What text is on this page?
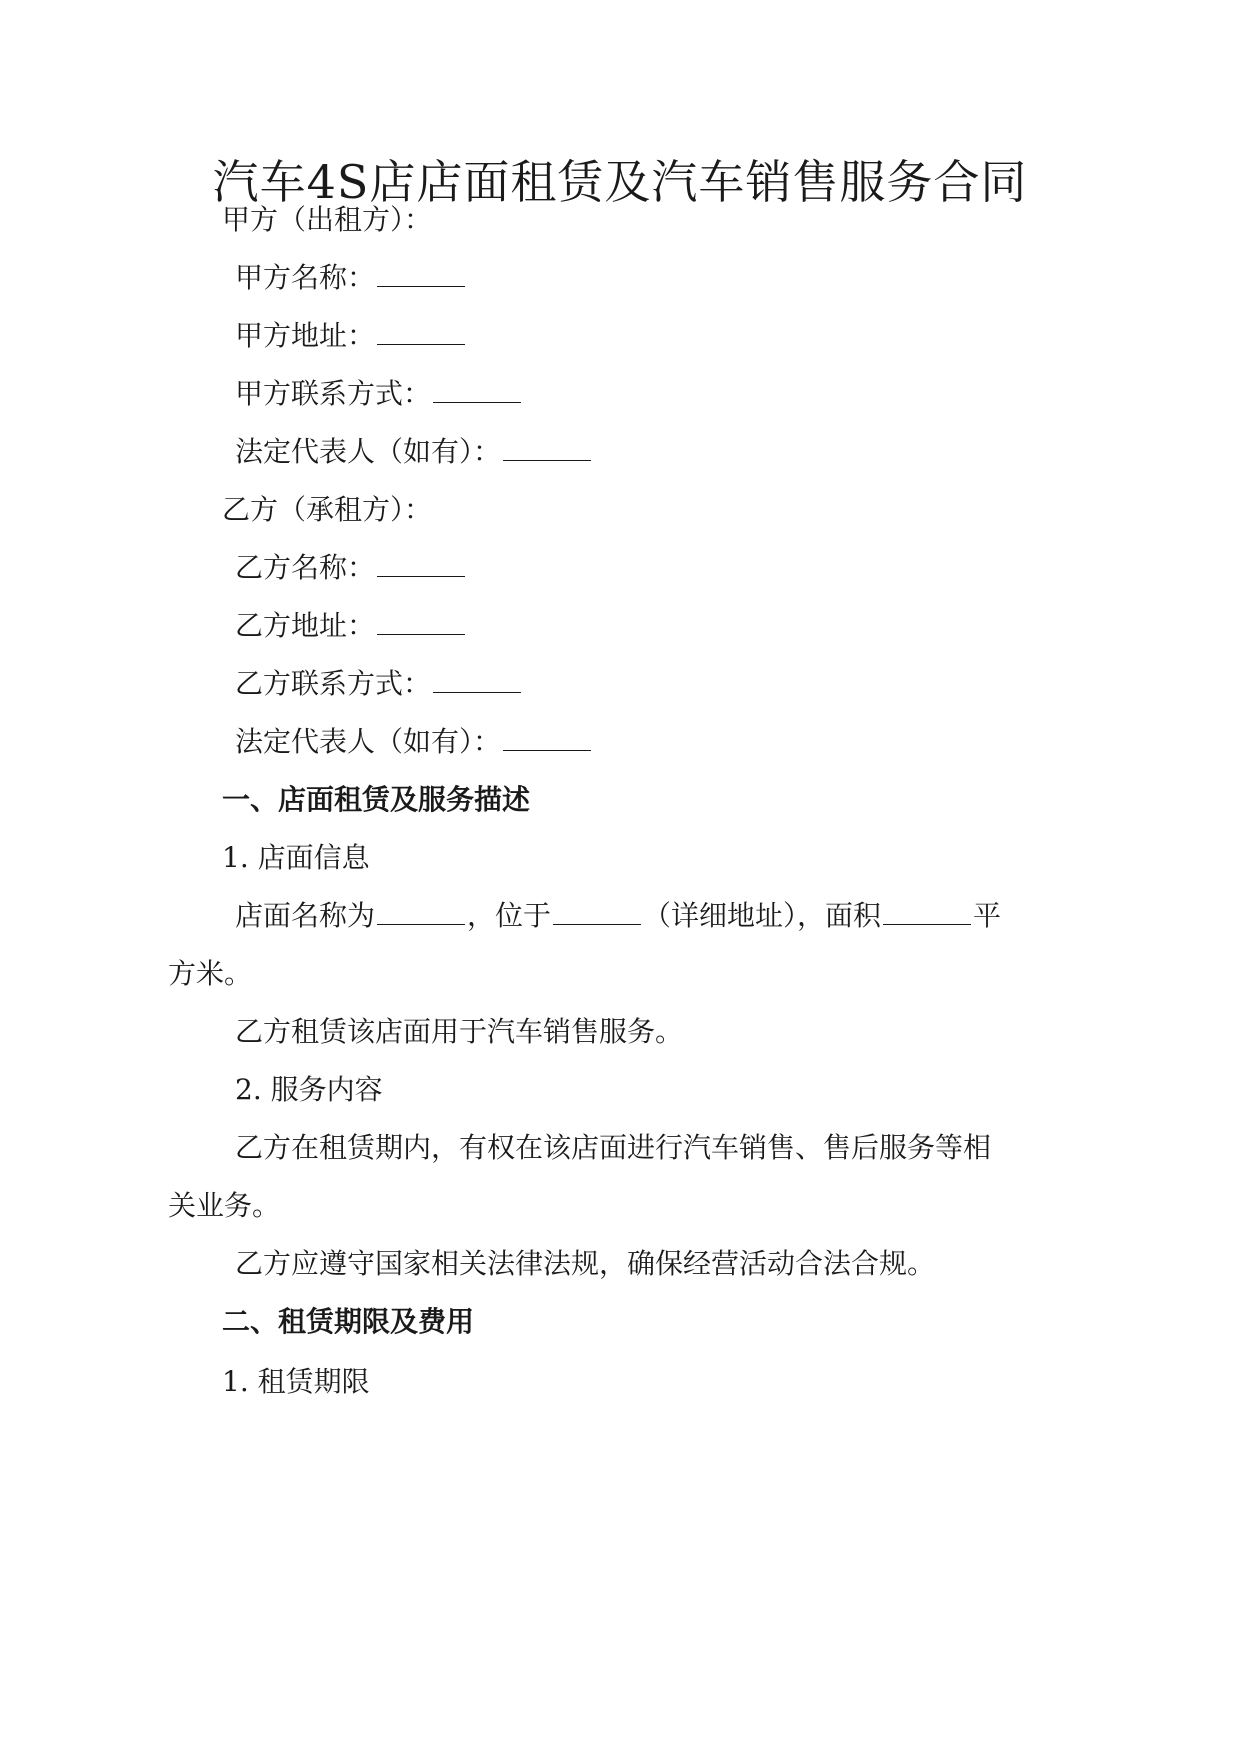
汽车4S店店面租赁及汽车销售服务合同

甲方（出租方）：

甲方名称：

甲方地址：

甲方联系方式：

法定代表人（如有）：

乙方（承租方）：

乙方名称：

乙方地址：

乙方联系方式：

法定代表人（如有）：

一、店面租赁及服务描述

1. 店面信息

店面名称为	，位于	（详细地址），面积	平

方米。

乙方租赁该店面用于汽车销售服务。

2. 服务内容

乙方在租赁期内，有权在该店面进行汽车销售、售后服务等相

关业务。

乙方应遵守国家相关法律法规，确保经营活动合法合规。

二、租赁期限及费用

1. 租赁期限
